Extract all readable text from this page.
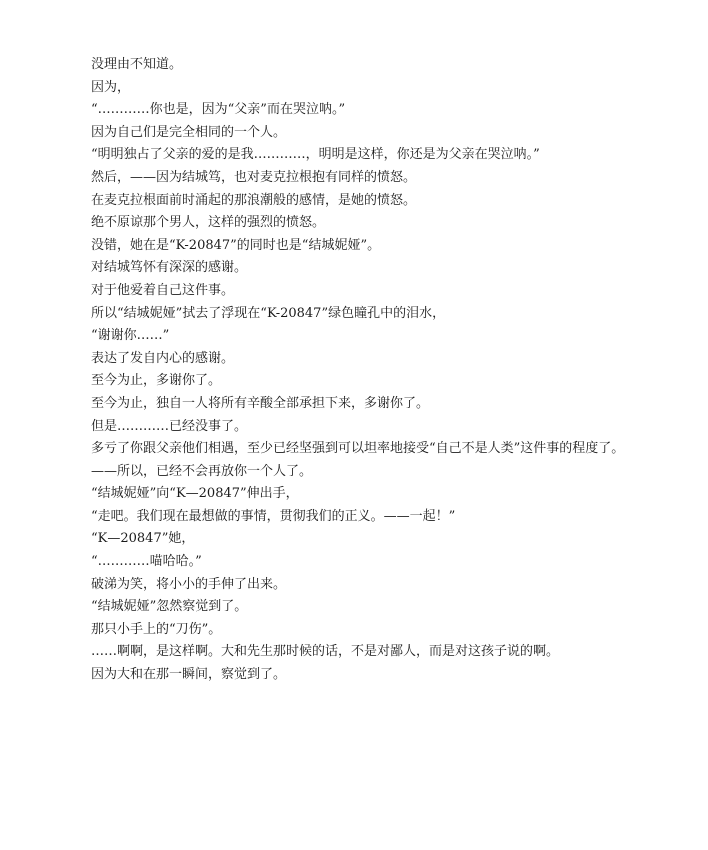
没理由不知道。

因为，

“…………你也是，因为“父亲”而在哭泣呐。”

因为自己们是完全相同的一个人。

“明明独占了父亲的爱的是我…………，明明是这样，你还是为父亲在哭泣呐。”

然后，——因为结城笃，也对麦克拉根抱有同样的愤怒。

在麦克拉根面前时涌起的那浪潮般的感情，是她的愤怒。

绝不原谅那个男人，这样的强烈的愤怒。

没错，她在是“K-20847”的同时也是“结城妮娅”。

对结城笃怀有深深的感谢。

对于他爱着自己这件事。

所以“结城妮娅”拭去了浮现在“K-20847”绿色瞳孔中的泪水，

“谢谢你……”

表达了发自内心的感谢。

至今为止，多谢你了。

至今为止，独自一人将所有辛酸全部承担下来，多谢你了。

但是…………已经没事了。

多亏了你跟父亲他们相遇，至少已经坚强到可以坦率地接受“自己不是人类”这件事的程度了。

——所以，已经不会再放你一个人了。

“结城妮娅”向“K—20847”伸出手，

“走吧。我们现在最想做的事情，贯彻我们的正义。——一起！”

“K—20847”她，

“…………喵哈哈。”

破涕为笑，将小小的手伸了出来。

“结城妮娅”忽然察觉到了。

那只小手上的“刀伤”。

……啊啊，是这样啊。大和先生那时候的话，不是对鄙人，而是对这孩子说的啊。

因为大和在那一瞬间，察觉到了。
